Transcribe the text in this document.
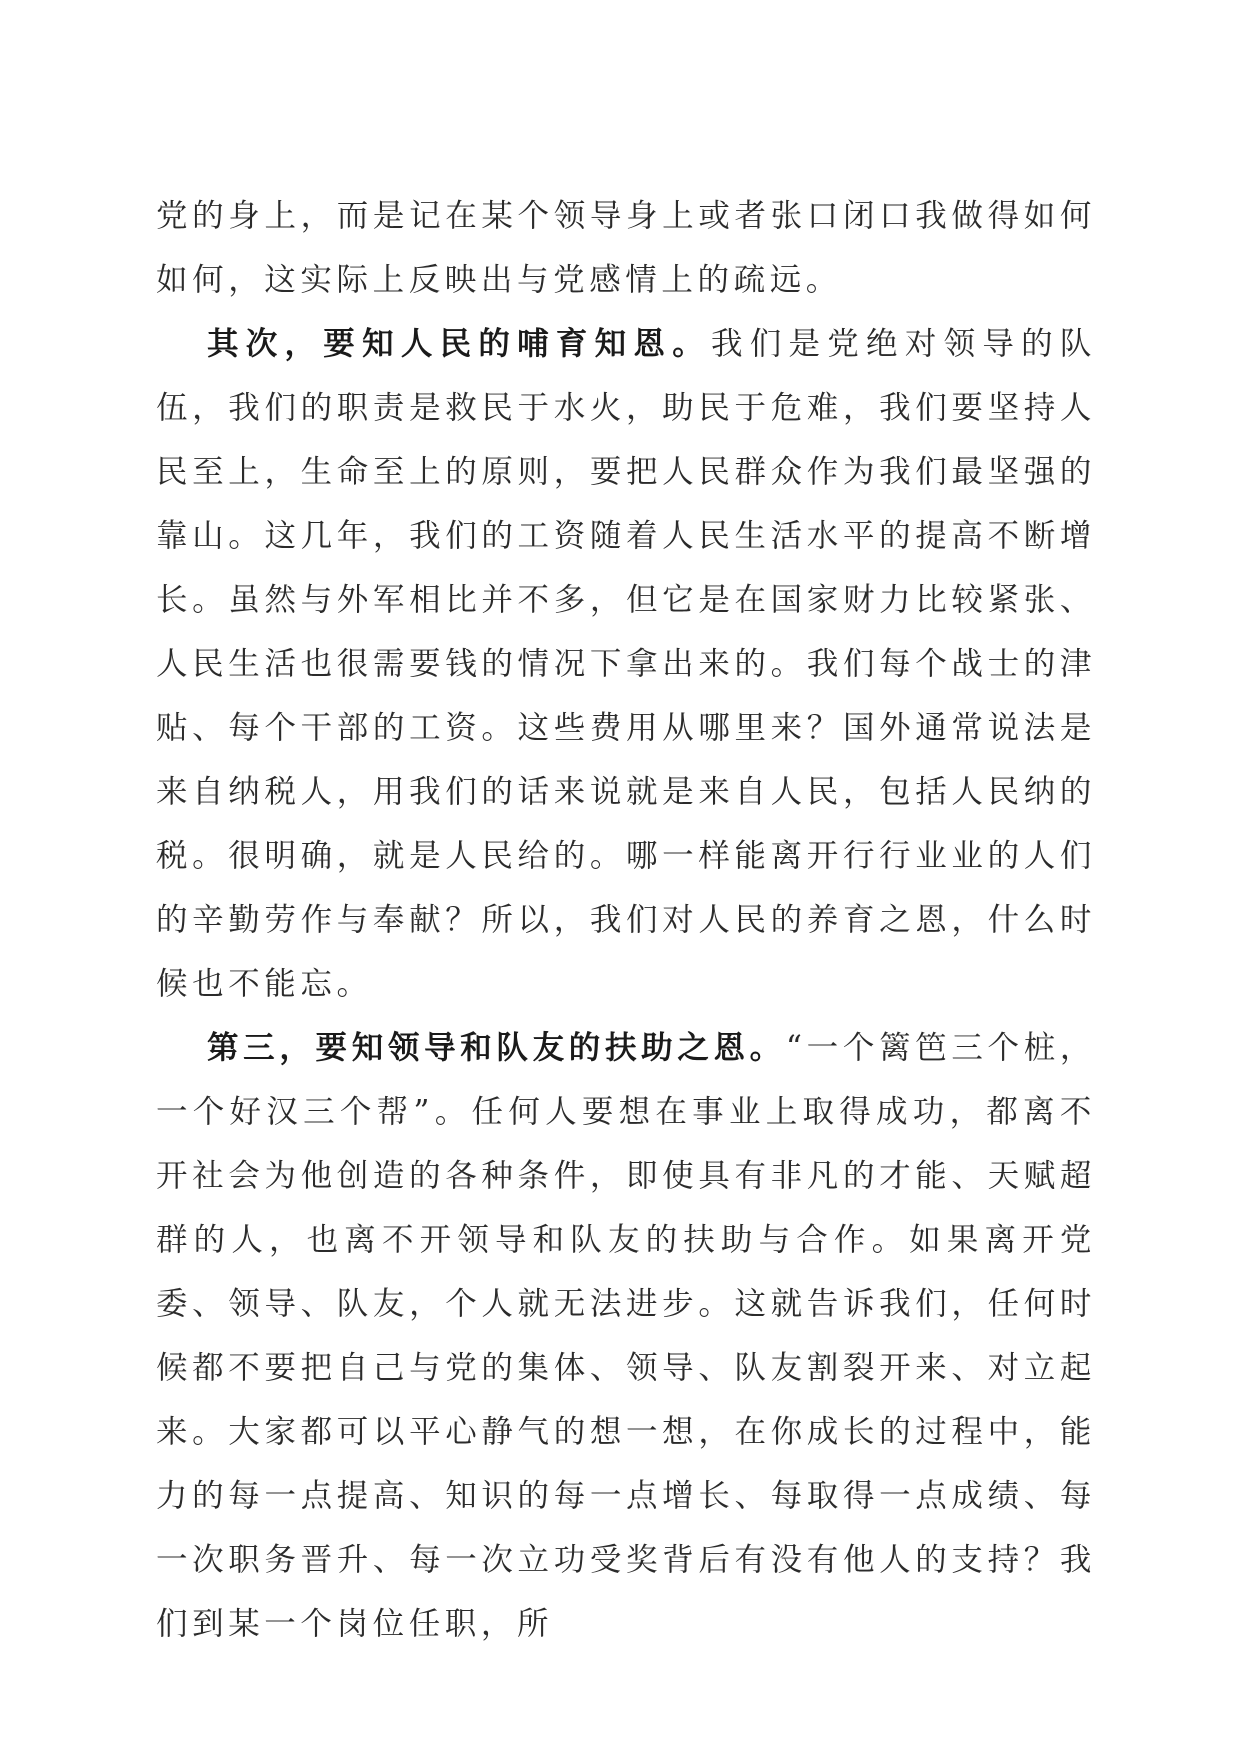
党的身上，而是记在某个领导身上或者张口闭口我做得如何如何，这实际上反映出与党感情上的疏远。

其次，要知人民的哺育知恩。我们是党绝对领导的队伍，我们的职责是救民于水火，助民于危难，我们要坚持人民至上，生命至上的原则，要把人民群众作为我们最坚强的靠山。这几年，我们的工资随着人民生活水平的提高不断增长。虽然与外军相比并不多，但它是在国家财力比较紧张、人民生活也很需要钱的情况下拿出来的。我们每个战士的津贴、每个干部的工资。这些费用从哪里来？国外通常说法是来自纳税人，用我们的话来说就是来自人民，包括人民纳的税。很明确，就是人民给的。哪一样能离开行行业业的人们的辛勤劳作与奉献？所以，我们对人民的养育之恩，什么时候也不能忘。

第三，要知领导和队友的扶助之恩。“一个篱笆三个桩，一个好汉三个帮”。任何人要想在事业上取得成功，都离不开社会为他创造的各种条件，即使具有非凡的才能、天赋超群的人，也离不开领导和队友的扶助与合作。如果离开党委、领导、队友，个人就无法进步。这就告诉我们，任何时候都不要把自己与党的集体、领导、队友割裂开来、对立起来。大家都可以平心静气的想一想，在你成长的过程中，能力的每一点提高、知识的每一点增长、每取得一点成绩、每一次职务晋升、每一次立功受奖背后有没有他人的支持？我们到某一个岗位任职，所
